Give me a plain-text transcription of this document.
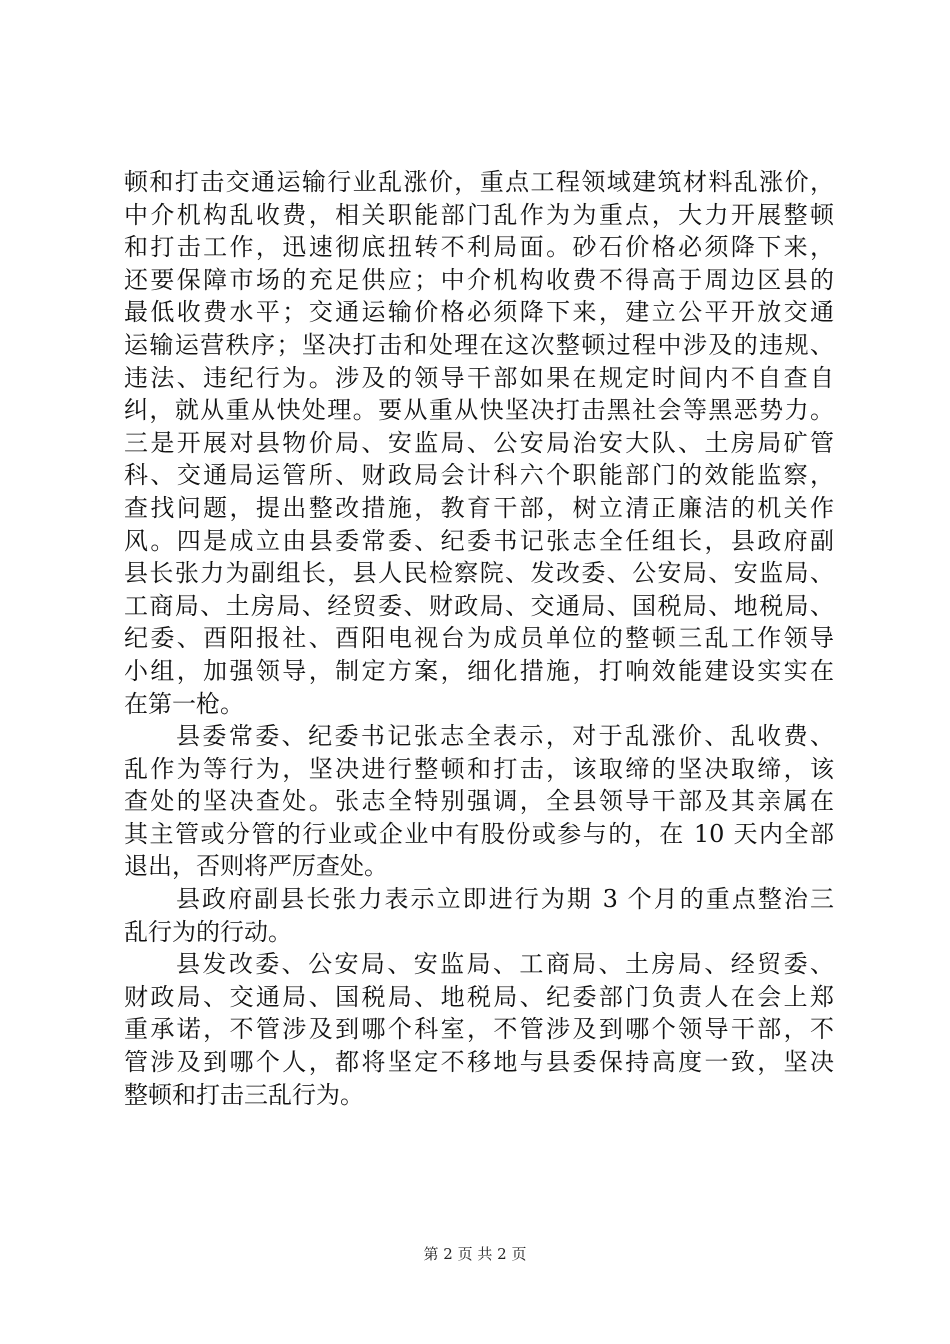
顿和打击交通运输行业乱涨价，重点工程领域建筑材料乱涨价，
中介机构乱收费，相关职能部门乱作为为重点，大力开展整顿
和打击工作，迅速彻底扭转不利局面。砂石价格必须降下来，
还要保障市场的充足供应；中介机构收费不得高于周边区县的
最低收费水平；交通运输价格必须降下来，建立公平开放交通
运输运营秩序；坚决打击和处理在这次整顿过程中涉及的违规、
违法、违纪行为。涉及的领导干部如果在规定时间内不自查自
纠，就从重从快处理。要从重从快坚决打击黑社会等黑恶势力。
三是开展对县物价局、安监局、公安局治安大队、土房局矿管
科、交通局运管所、财政局会计科六个职能部门的效能监察，
查找问题，提出整改措施，教育干部，树立清正廉洁的机关作
风。四是成立由县委常委、纪委书记张志全任组长，县政府副
县长张力为副组长，县人民检察院、发改委、公安局、安监局、
工商局、土房局、经贸委、财政局、交通局、国税局、地税局、
纪委、酉阳报社、酉阳电视台为成员单位的整顿三乱工作领导
小组，加强领导，制定方案，细化措施，打响效能建设实实在
在第一枪。
县委常委、纪委书记张志全表示，对于乱涨价、乱收费、
乱作为等行为，坚决进行整顿和打击，该取缔的坚决取缔，该
查处的坚决查处。张志全特别强调，全县领导干部及其亲属在
其主管或分管的行业或企业中有股份或参与的，在 10 天内全部
退出，否则将严厉查处。
县政府副县长张力表示立即进行为期 3 个月的重点整治三
乱行为的行动。
县发改委、公安局、安监局、工商局、土房局、经贸委、
财政局、交通局、国税局、地税局、纪委部门负责人在会上郑
重承诺，不管涉及到哪个科室，不管涉及到哪个领导干部，不
管涉及到哪个人，都将坚定不移地与县委保持高度一致，坚决
整顿和打击三乱行为。
第 2 页 共 2 页
